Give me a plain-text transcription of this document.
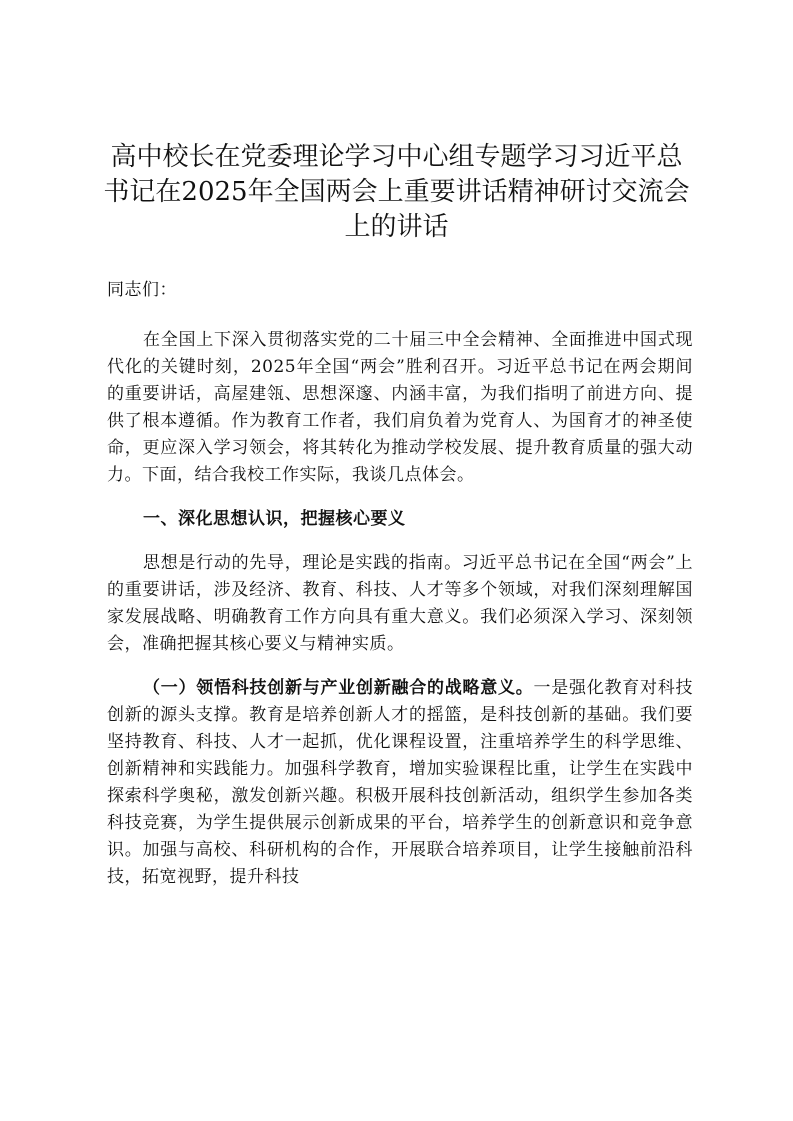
高中校长在党委理论学习中心组专题学习习近平总书记在2025年全国两会上重要讲话精神研讨交流会上的讲话

同志们：

在全国上下深入贯彻落实党的二十届三中全会精神、全面推进中国式现代化的关键时刻，2025年全国“两会”胜利召开。习近平总书记在两会期间的重要讲话，高屋建瓴、思想深邃、内涵丰富，为我们指明了前进方向、提供了根本遵循。作为教育工作者，我们肩负着为党育人、为国育才的神圣使命，更应深入学习领会，将其转化为推动学校发展、提升教育质量的强大动力。下面，结合我校工作实际，我谈几点体会。

一、深化思想认识，把握核心要义

思想是行动的先导，理论是实践的指南。习近平总书记在全国“两会”上的重要讲话，涉及经济、教育、科技、人才等多个领域，对我们深刻理解国家发展战略、明确教育工作方向具有重大意义。我们必须深入学习、深刻领会，准确把握其核心要义与精神实质。

（一）领悟科技创新与产业创新融合的战略意义。一是强化教育对科技创新的源头支撑。教育是培养创新人才的摇篮，是科技创新的基础。我们要坚持教育、科技、人才一起抓，优化课程设置，注重培养学生的科学思维、创新精神和实践能力。加强科学教育，增加实验课程比重，让学生在实践中探索科学奥秘，激发创新兴趣。积极开展科技创新活动，组织学生参加各类科技竞赛，为学生提供展示创新成果的平台，培养学生的创新意识和竞争意识。加强与高校、科研机构的合作，开展联合培养项目，让学生接触前沿科技，拓宽视野，提升科技
